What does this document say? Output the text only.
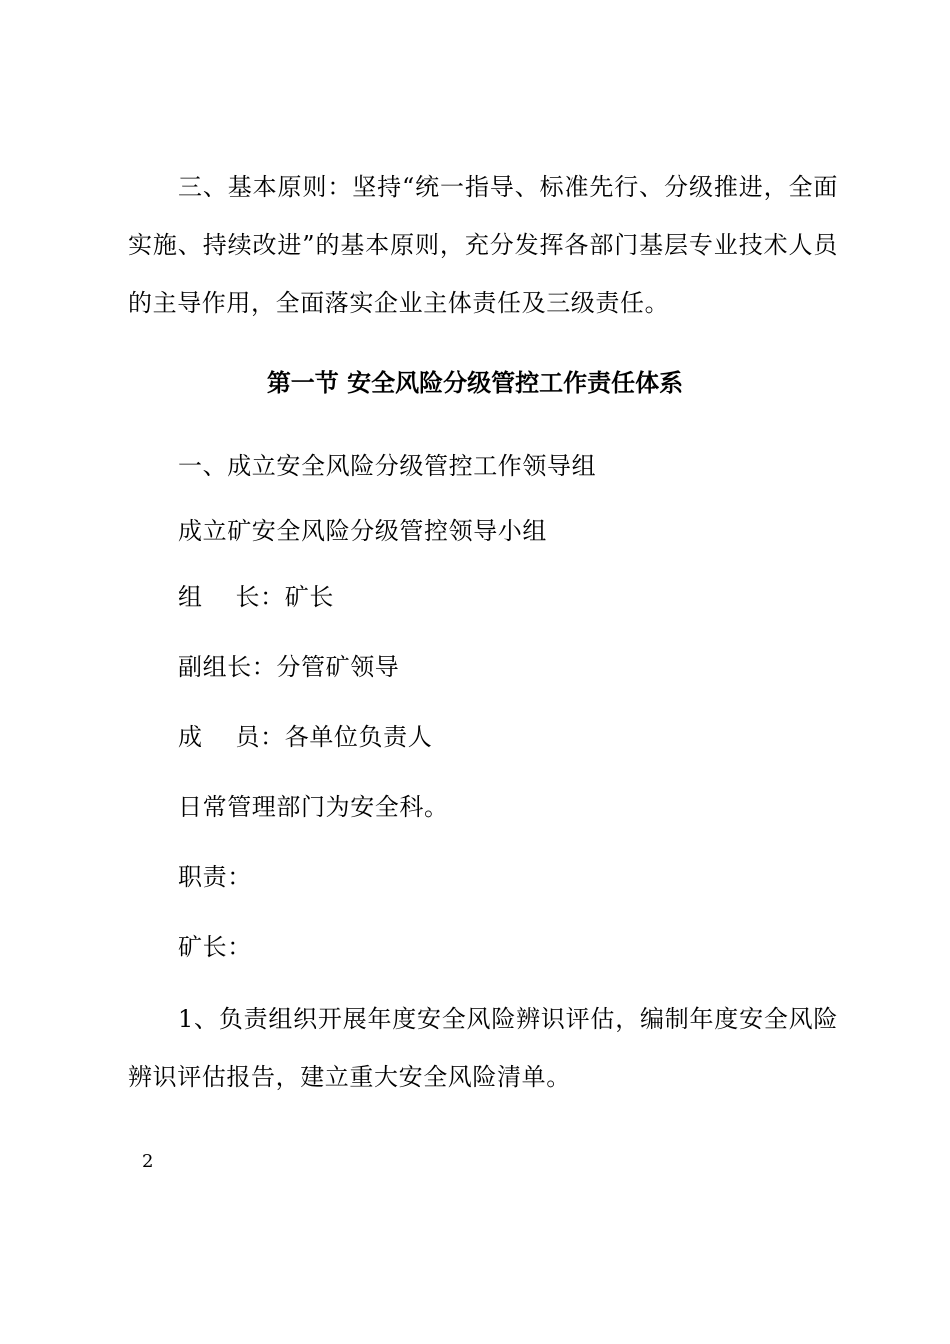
三、基本原则：坚持“统一指导、标准先行、分级推进，全面实施、持续改进”的基本原则，充分发挥各部门基层专业技术人员的主导作用，全面落实企业主体责任及三级责任。

第一节 安全风险分级管控工作责任体系

一、成立安全风险分级管控工作领导组

成立矿安全风险分级管控领导小组

组    长：矿长

副组长：分管矿领导

成    员：各单位负责人

日常管理部门为安全科。

职责：

矿长：

1、负责组织开展年度安全风险辨识评估，编制年度安全风险辨识评估报告，建立重大安全风险清单。

2
